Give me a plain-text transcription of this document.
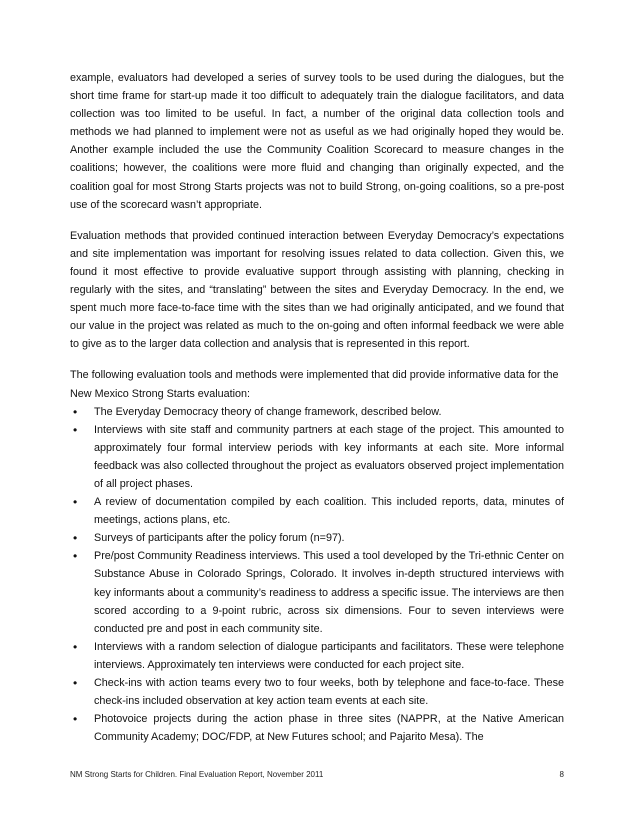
example, evaluators had developed a series of survey tools to be used during the dialogues, but the short time frame for start-up made it too difficult to adequately train the dialogue facilitators, and data collection was too limited to be useful. In fact, a number of the original data collection tools and methods we had planned to implement were not as useful as we had originally hoped they would be. Another example included the use the Community Coalition Scorecard to measure changes in the coalitions; however, the coalitions were more fluid and changing than originally expected, and the coalition goal for most Strong Starts projects was not to build Strong, on-going coalitions, so a pre-post use of the scorecard wasn’t appropriate.

Evaluation methods that provided continued interaction between Everyday Democracy’s expectations and site implementation was important for resolving issues related to data collection. Given this, we found it most effective to provide evaluative support through assisting with planning, checking in regularly with the sites, and “translating” between the sites and Everyday Democracy. In the end, we spent much more face-to-face time with the sites than we had originally anticipated, and we found that our value in the project was related as much to the on-going and often informal feedback we were able to give as to the larger data collection and analysis that is represented in this report.

The following evaluation tools and methods were implemented that did provide informative data for the New Mexico Strong Starts evaluation:

• The Everyday Democracy theory of change framework, described below.
• Interviews with site staff and community partners at each stage of the project. This amounted to approximately four formal interview periods with key informants at each site. More informal feedback was also collected throughout the project as evaluators observed project implementation of all project phases.
• A review of documentation compiled by each coalition. This included reports, data, minutes of meetings, actions plans, etc.
• Surveys of participants after the policy forum (n=97).
• Pre/post Community Readiness interviews. This used a tool developed by the Tri-ethnic Center on Substance Abuse in Colorado Springs, Colorado. It involves in-depth structured interviews with key informants about a community’s readiness to address a specific issue. The interviews are then scored according to a 9-point rubric, across six dimensions. Four to seven interviews were conducted pre and post in each community site.
• Interviews with a random selection of dialogue participants and facilitators. These were telephone interviews. Approximately ten interviews were conducted for each project site.
• Check-ins with action teams every two to four weeks, both by telephone and face-to-face. These check-ins included observation at key action team events at each site.
• Photovoice projects during the action phase in three sites (NAPPR, at the Native American Community Academy; DOC/FDP, at New Futures school; and Pajarito Mesa). The
NM Strong Starts for Children. Final Evaluation Report, November 2011	8
